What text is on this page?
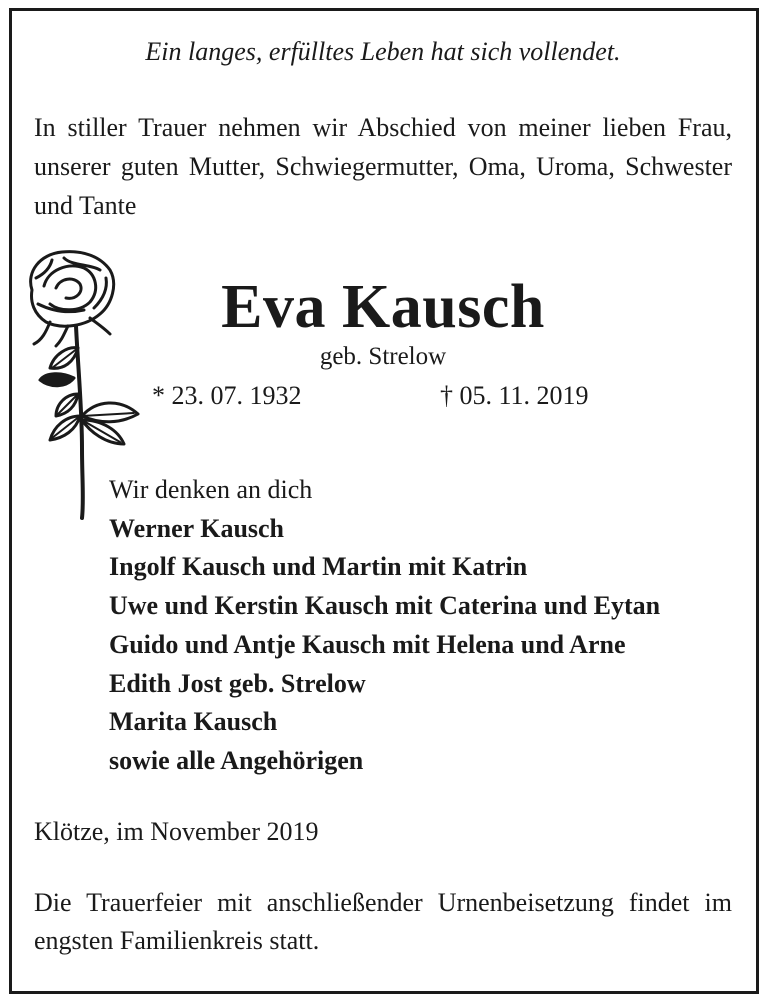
Ein langes, erfülltes Leben hat sich vollendet.
In stiller Trauer nehmen wir Abschied von meiner lieben Frau, unserer guten Mutter, Schwiegermutter, Oma, Uroma, Schwester und Tante
Eva Kausch
geb. Strelow
* 23. 07. 1932	† 05. 11. 2019
Wir denken an dich
Werner Kausch
Ingolf Kausch und Martin mit Katrin
Uwe und Kerstin Kausch mit Caterina und Eytan
Guido und Antje Kausch mit Helena und Arne
Edith Jost geb. Strelow
Marita Kausch
sowie alle Angehörigen
Klötze, im November 2019
Die Trauerfeier mit anschließender Urnenbeisetzung findet im engsten Familienkreis statt.
